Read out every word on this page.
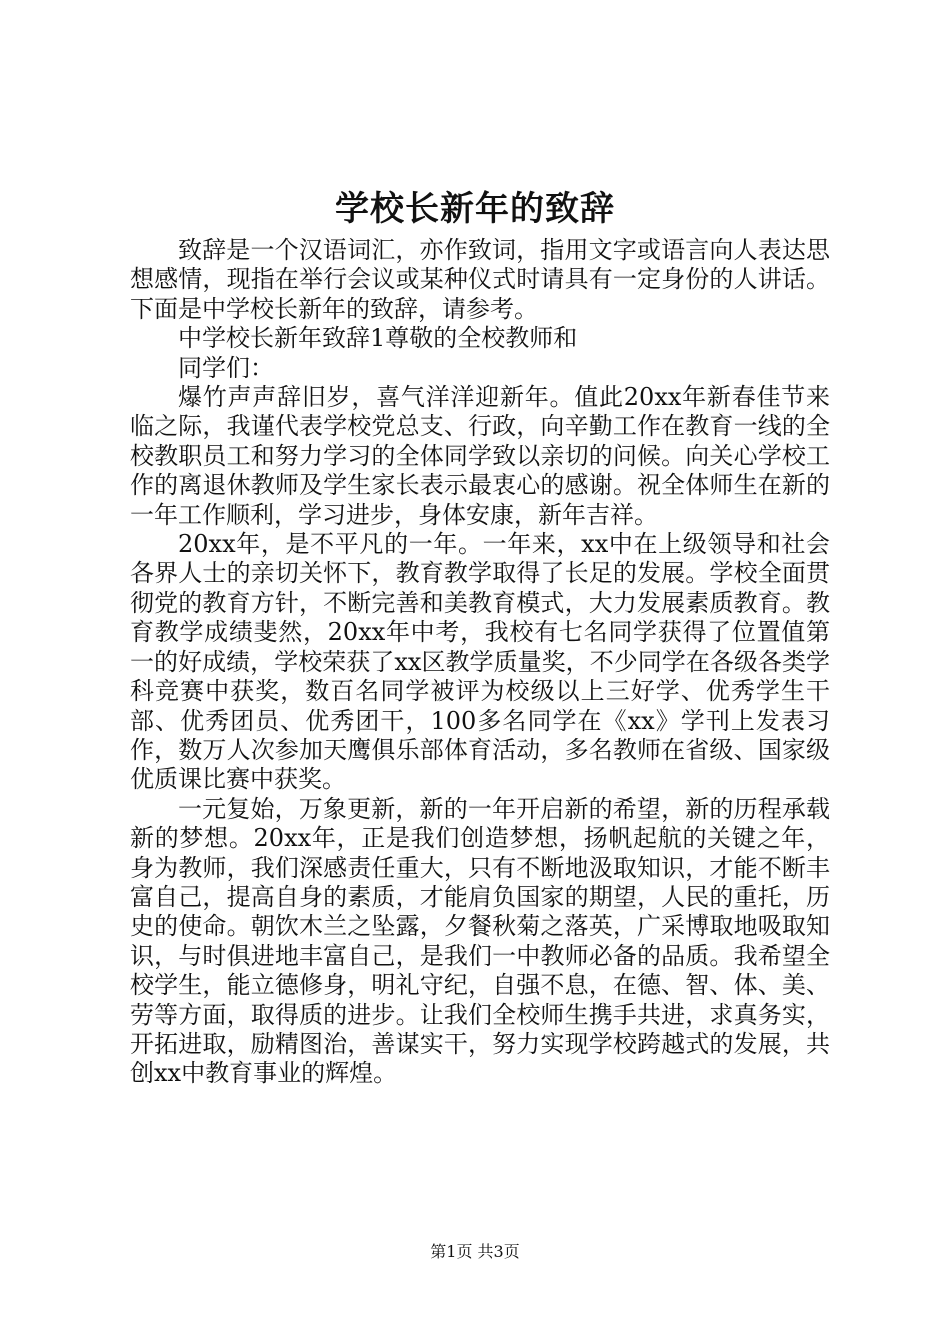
学校长新年的致辞

致辞是一个汉语词汇，亦作致词，指用文字或语言向人表达思想感情，现指在举行会议或某种仪式时请具有一定身份的人讲话。下面是中学校长新年的致辞，请参考。

中学校长新年致辞1尊敬的全校教师和

同学们：

爆竹声声辞旧岁，喜气洋洋迎新年。值此20xx年新春佳节来临之际，我谨代表学校党总支、行政，向辛勤工作在教育一线的全校教职员工和努力学习的全体同学致以亲切的问候。向关心学校工作的离退休教师及学生家长表示最衷心的感谢。祝全体师生在新的一年工作顺利，学习进步，身体安康，新年吉祥。

20xx年，是不平凡的一年。一年来，xx中在上级领导和社会各界人士的亲切关怀下，教育教学取得了长足的发展。学校全面贯彻党的教育方针，不断完善和美教育模式，大力发展素质教育。教育教学成绩斐然，20xx年中考，我校有七名同学获得了位置值第一的好成绩，学校荣获了xx区教学质量奖，不少同学在各级各类学科竞赛中获奖，数百名同学被评为校级以上三好学、优秀学生干部、优秀团员、优秀团干，100多名同学在《xx》学刊上发表习作，数万人次参加天鹰俱乐部体育活动，多名教师在省级、国家级优质课比赛中获奖。

一元复始，万象更新，新的一年开启新的希望，新的历程承载新的梦想。20xx年，正是我们创造梦想，扬帆起航的关键之年，身为教师，我们深感责任重大，只有不断地汲取知识，才能不断丰富自己，提高自身的素质，才能肩负国家的期望，人民的重托，历史的使命。朝饮木兰之坠露，夕餐秋菊之落英，广采博取地吸取知识，与时俱进地丰富自己，是我们一中教师必备的品质。我希望全校学生，能立德修身，明礼守纪，自强不息，在德、智、体、美、劳等方面，取得质的进步。让我们全校师生携手共进，求真务实，开拓进取，励精图治，善谋实干，努力实现学校跨越式的发展，共创xx中教育事业的辉煌。

第1页 共3页
